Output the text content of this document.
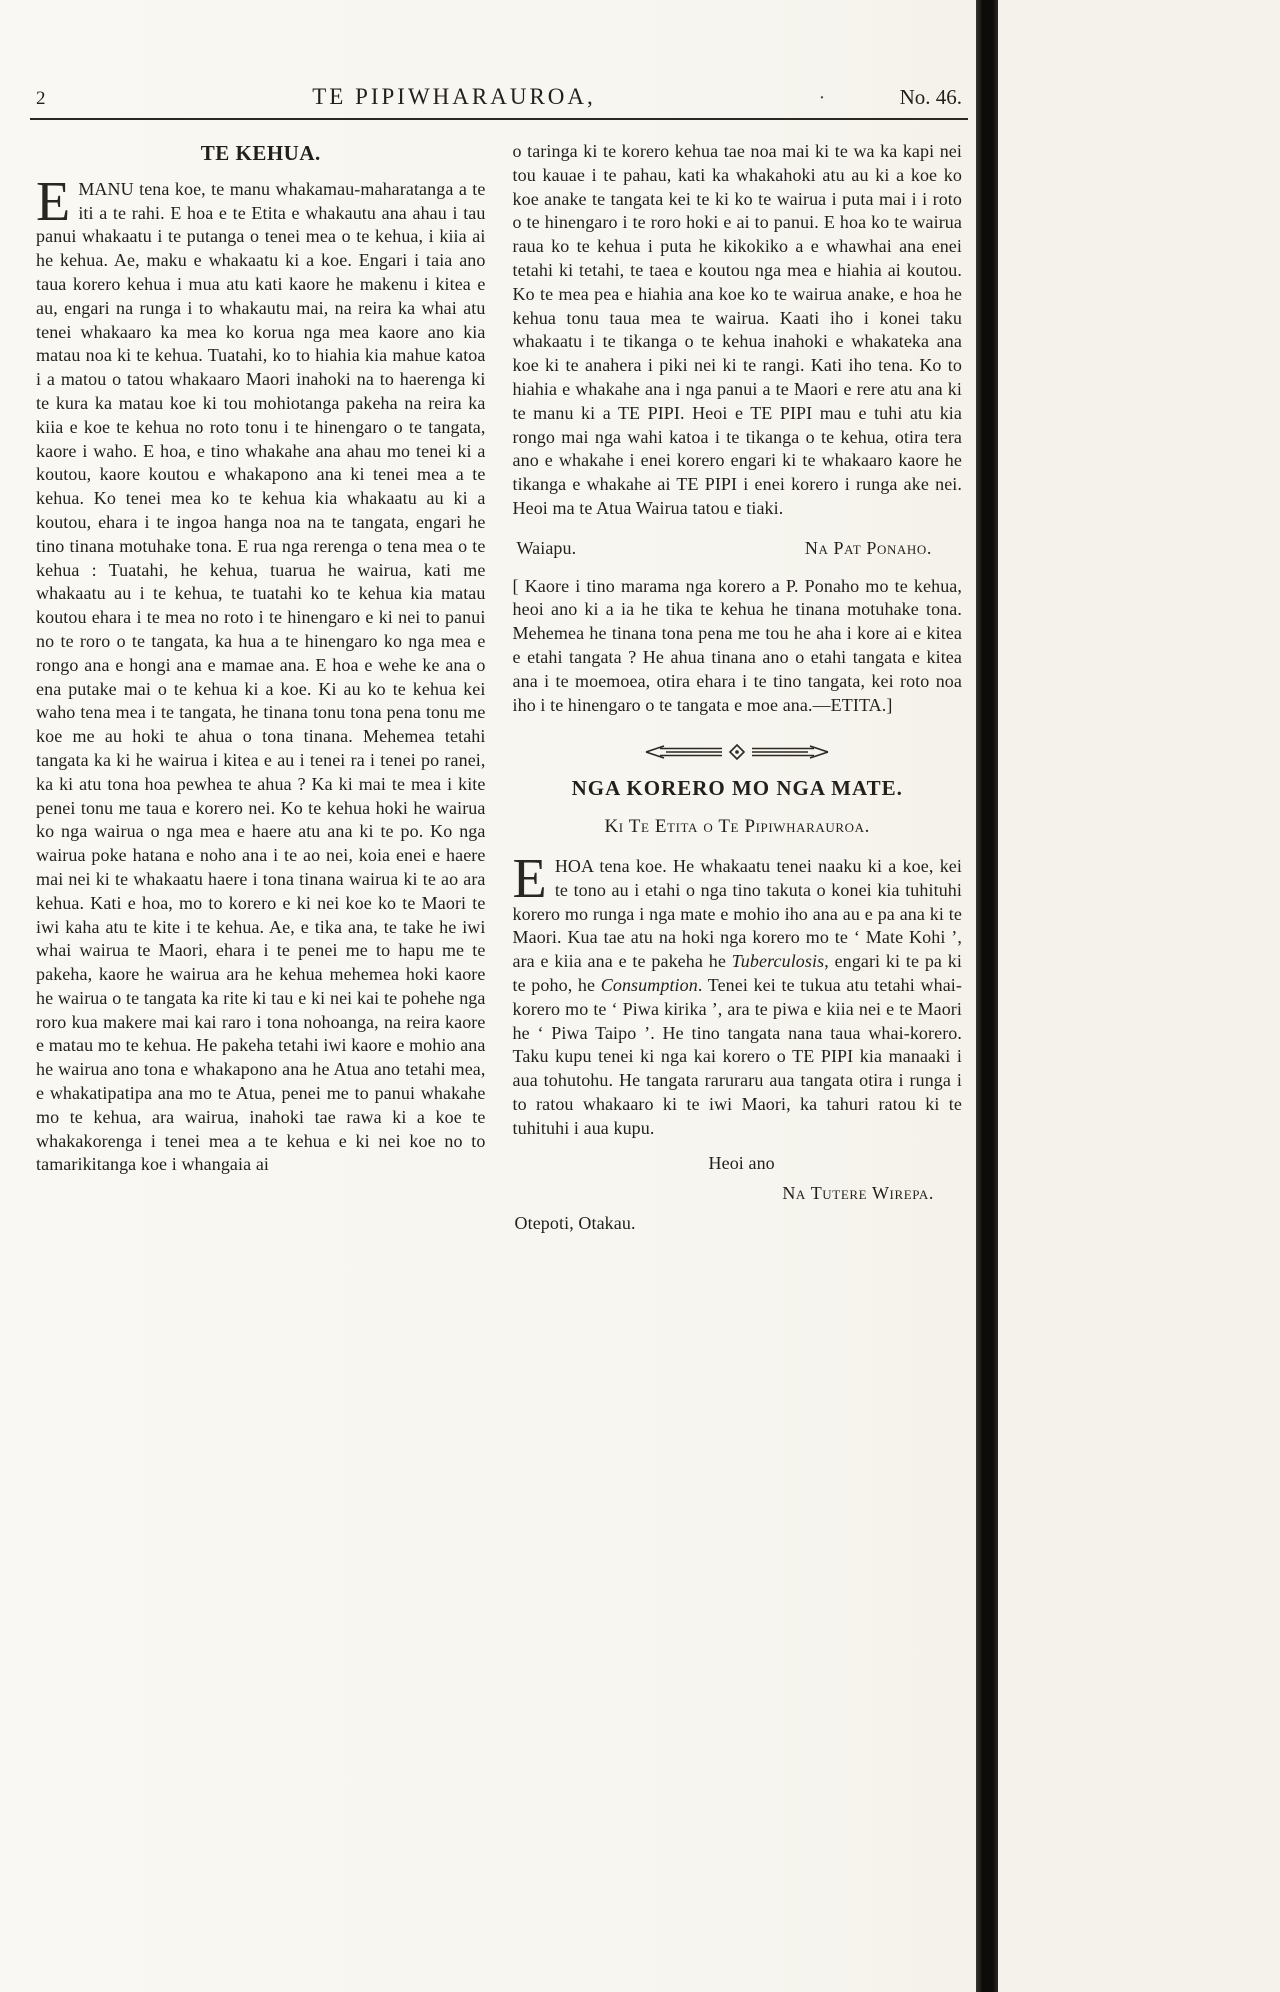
2	TE PIPIWHARAUROA,	·	No. 46.
TE KEHUA.

EMANU tena koe, te manu whakamau-maharatanga a te iti a te rahi. E hoa e te Etita e whakautu ana ahau i tau panui whakaatu i te putanga o tenei mea o te kehua, i kiia ai he kehua. Ae, maku e whakaatu ki a koe. Engari i taia ano taua korero kehua i mua atu kati kaore he makenu i kitea e au, engari na runga i to whakautu mai, na reira ka whai atu tenei whakaaro ka mea ko korua nga mea kaore ano kia matau noa ki te kehua. Tuatahi, ko to hiahia kia mahue katoa i a matou o tatou whakaaro Maori inahoki na to haerenga ki te kura ka matau koe ki tou mohiotanga pakeha na reira ka kiia e koe te kehua no roto tonu i te hinengaro o te tangata, kaore i waho. E hoa, e tino whakahe ana ahau mo tenei ki a koutou, kaore koutou e whakapono ana ki tenei mea a te kehua. Ko tenei mea ko te kehua kia whakaatu au ki a koutou, ehara i te ingoa hanga noa na te tangata, engari he tino tinana motuhake tona. E rua nga rerenga o tena mea o te kehua : Tuatahi, he kehua, tuarua he wairua, kati me whakaatu au i te kehua, te tuatahi ko te kehua kia matau koutou ehara i te mea no roto i te hinengaro e ki nei to panui no te roro o te tangata, ka hua a te hinengaro ko nga mea e rongo ana e hongi ana e mamae ana. E hoa e wehe ke ana o ena putake mai o te kehua ki a koe. Ki au ko te kehua kei waho tena mea i te tangata, he tinana tonu tona pena tonu me koe me au hoki te ahua o tona tinana. Mehemea tetahi tangata ka ki he wairua i kitea e au i tenei ra i tenei po ranei, ka ki atu tona hoa pewhea te ahua ? Ka ki mai te mea i kite penei tonu me taua e korero nei. Ko te kehua hoki he wairua ko nga wairua o nga mea e haere atu ana ki te po. Ko nga wairua poke hatana e noho ana i te ao nei, koia enei e haere mai nei ki te whakaatu haere i tona tinana wairua ki te ao ara kehua. Kati e hoa, mo to korero e ki nei koe ko te Maori te iwi kaha atu te kite i te kehua. Ae, e tika ana, te take he iwi whai wairua te Maori, ehara i te penei me to hapu me te pakeha, kaore he wairua ara he kehua mehemea hoki kaore he wairua o te tangata ka rite ki tau e ki nei kai te pohehe nga roro kua makere mai kai raro i tona nohoanga, na reira kaore e matau mo te kehua. He pakeha tetahi iwi kaore e mohio ana he wairua ano tona e whakapono ana he Atua ano tetahi mea, e whakatipatipa ana mo te Atua, penei me to panui whakahe mo te kehua, ara wairua, inahoki tae rawa ki a koe te whakakorenga i tenei mea a te kehua e ki nei koe no to tamarikitanga koe i whangaia ai

o taringa ki te korero kehua tae noa mai ki te wa ka kapi nei tou kauae i te pahau, kati ka whakahoki atu au ki a koe ko koe anake te tangata kei te ki ko te wairua i puta mai i i roto o te hinengaro i te roro hoki e ai to panui. E hoa ko te wairua raua ko te kehua i puta he kikokiko a e whawhai ana enei tetahi ki tetahi, te taea e koutou nga mea e hiahia ai koutou. Ko te mea pea e hiahia ana koe ko te wairua anake, e hoa he kehua tonu taua mea te wairua. Kaati iho i konei taku whakaatu i te tikanga o te kehua inahoki e whakateka ana koe ki te anahera i piki nei ki te rangi. Kati iho tena. Ko to hiahia e whakahe ana i nga panui a te Maori e rere atu ana ki te manu ki a TE PIPI. Heoi e TE PIPI mau e tuhi atu kia rongo mai nga wahi katoa i te tikanga o te kehua, otira tera ano e whakahe i enei korero engari ki te whakaaro kaore he tikanga e whakahe ai TE PIPI i enei korero i runga ake nei. Heoi ma te Atua Wairua tatou e tiaki.

Waiapu.	Na Pat Ponaho.

[ Kaore i tino marama nga korero a P. Ponaho mo te kehua, heoi ano ki a ia he tika te kehua he tinana motuhake tona. Mehemea he tinana tona pena me tou he aha i kore ai e kitea e etahi tangata ? He ahua tinana ano o etahi tangata e kitea ana i te moemoea, otira ehara i te tino tangata, kei roto noa iho i te hinengaro o te tangata e moe ana.—ETITA.]

NGA KORERO MO NGA MATE.
Ki Te Etita o Te Pipiwharauroa.

EHOA tena koe. He whakaatu tenei naaku ki a koe, kei te tono au i etahi o nga tino takuta o konei kia tuhituhi korero mo runga i nga mate e mohio iho ana au e pa ana ki te Maori. Kua tae atu na hoki nga korero mo te ‘ Mate Kohi ’, ara e kiia ana e te pakeha he Tuberculosis, engari ki te pa ki te poho, he Consumption. Tenei kei te tukua atu tetahi whai-korero mo te ‘ Piwa kirika ’, ara te piwa e kiia nei e te Maori he ‘ Piwa Taipo ’. He tino tangata nana taua whai-korero. Taku kupu tenei ki nga kai korero o TE PIPI kia manaaki i aua tohutohu. He tangata raruraru aua tangata otira i runga i to ratou whakaaro ki te iwi Maori, ka tahuri ratou ki te tuhituhi i aua kupu.

Heoi ano
Na Tutere Wirepa.
Otepoti, Otakau.
